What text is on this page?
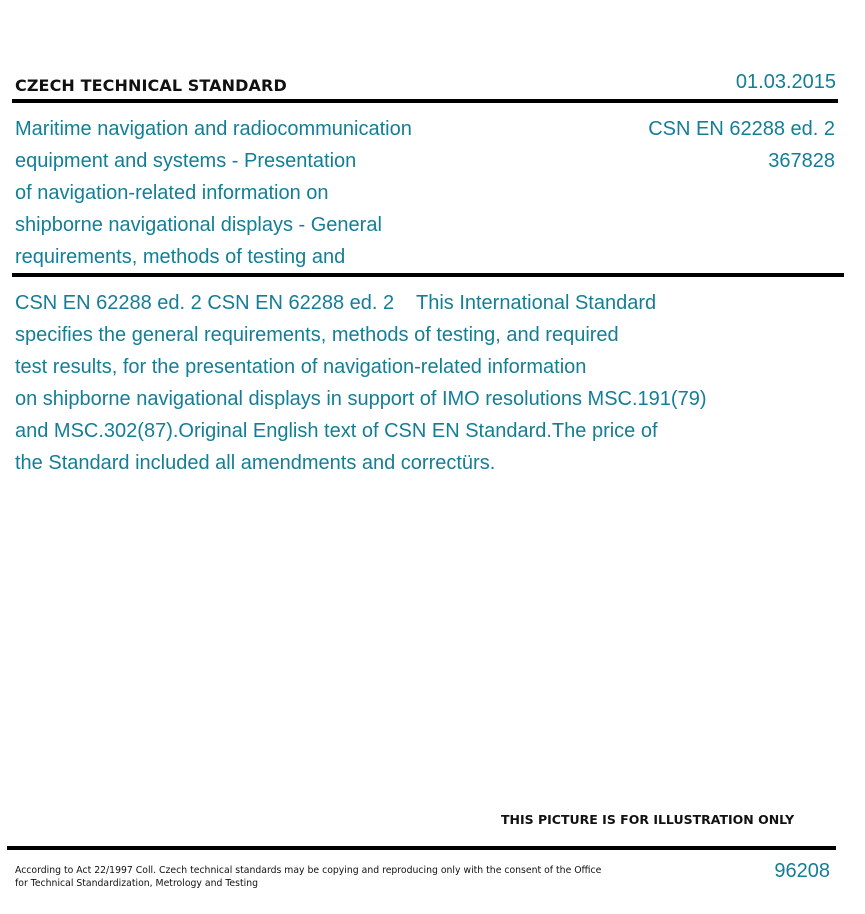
CZECH TECHNICAL STANDARD	01.03.2015
Maritime navigation and radiocommunication
equipment and systems - Presentation
of navigation-related information on
shipborne navigational displays - General
requirements, methods of testing and
CSN EN 62288 ed. 2
367828
CSN EN 62288 ed. 2 CSN EN 62288 ed. 2    This International Standard
specifies the general requirements, methods of testing, and required
test results, for the presentation of navigation-related information
on shipborne navigational displays in support of IMO resolutions MSC.191(79)
and MSC.302(87).Original English text of CSN EN Standard.The price of
the Standard included all amendments and correctürs.
THIS PICTURE IS FOR ILLUSTRATION ONLY
According to Act 22/1997 Coll. Czech technical standards may be copying and reproducing only with the consent of the Office
for Technical Standardization, Metrology and Testing
96208
